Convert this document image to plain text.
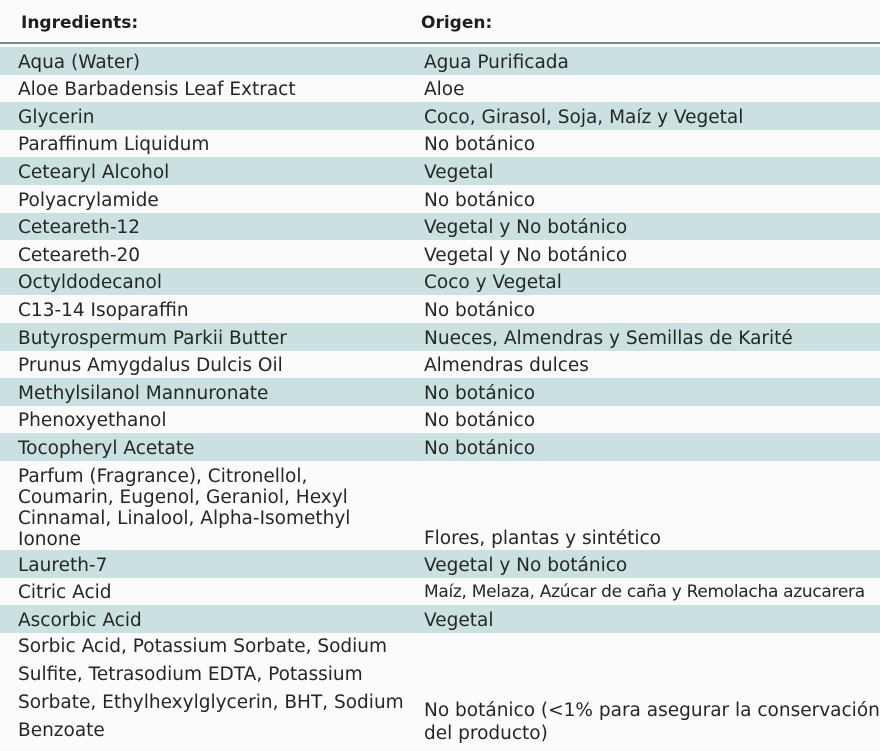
Ingredients:	Origen:
Aqua (Water)	Agua Purificada
Aloe Barbadensis Leaf Extract	Aloe
Glycerin	Coco, Girasol, Soja, Maíz y Vegetal
Paraffinum Liquidum	No botánico
Cetearyl Alcohol	Vegetal
Polyacrylamide	No botánico
Ceteareth-12	Vegetal y No botánico
Ceteareth-20	Vegetal y No botánico
Octyldodecanol	Coco y Vegetal
C13-14 Isoparaffin	No botánico
Butyrospermum Parkii Butter	Nueces, Almendras y Semillas de Karité
Prunus Amygdalus Dulcis Oil	Almendras dulces
Methylsilanol Mannuronate	No botánico
Phenoxyethanol	No botánico
Tocopheryl Acetate	No botánico
Parfum (Fragrance), Citronellol, Coumarin, Eugenol, Geraniol, Hexyl Cinnamal, Linalool, Alpha-Isomethyl Ionone	Flores, plantas y sintético
Laureth-7	Vegetal y No botánico
Citric Acid	Maíz, Melaza, Azúcar de caña y Remolacha azucarera
Ascorbic Acid	Vegetal
Sorbic Acid, Potassium Sorbate, Sodium Sulfite, Tetrasodium EDTA, Potassium Sorbate, Ethylhexylglycerin, BHT, Sodium Benzoate	No botánico (<1% para asegurar la conservación del producto)
